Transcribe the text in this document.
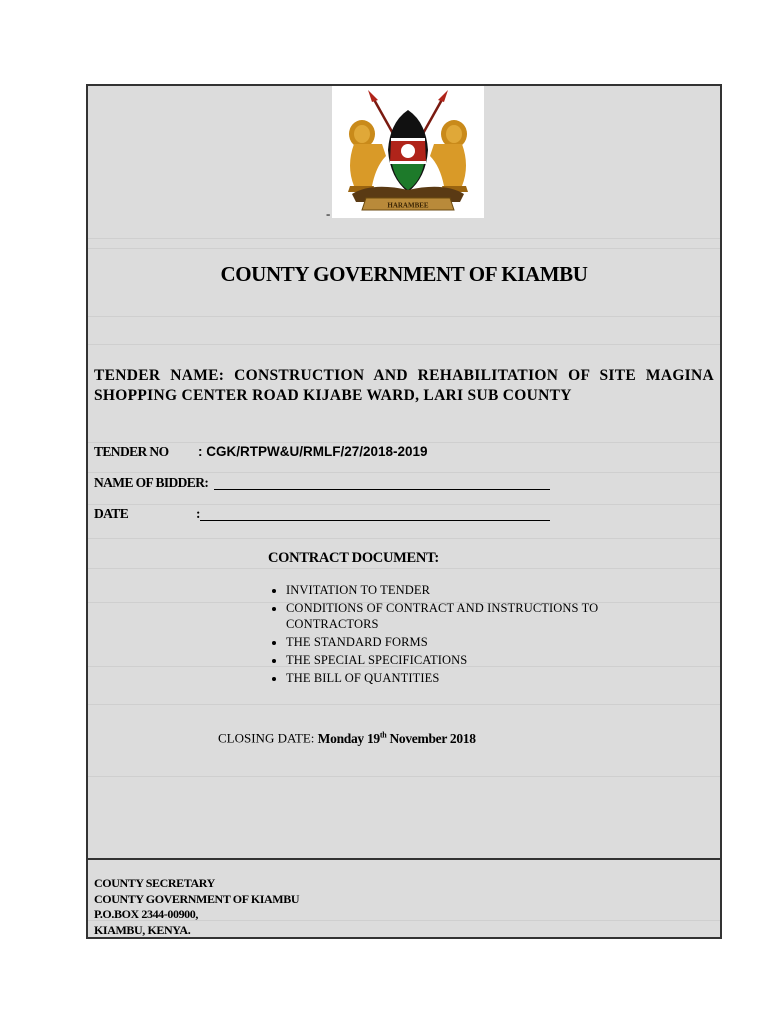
HARAMBEE
-
COUNTY GOVERNMENT OF KIAMBU
TENDER NAME: CONSTRUCTION AND REHABILITATION OF SITE MAGINA SHOPPING CENTER ROAD KIJABE WARD, LARI SUB COUNTY
TENDER NO : CGK/RTPW&U/RMLF/27/2018-2019
NAME OF BIDDER:
DATE	:
CONTRACT DOCUMENT:
• INVITATION TO TENDER
• CONDITIONS OF CONTRACT AND INSTRUCTIONS TO CONTRACTORS
• THE STANDARD FORMS
• THE SPECIAL SPECIFICATIONS
• THE BILL OF QUANTITIES
CLOSING DATE: Monday 19th November 2018
COUNTY SECRETARY
COUNTY GOVERNMENT OF KIAMBU
P.O.BOX 2344-00900,
KIAMBU, KENYA.
